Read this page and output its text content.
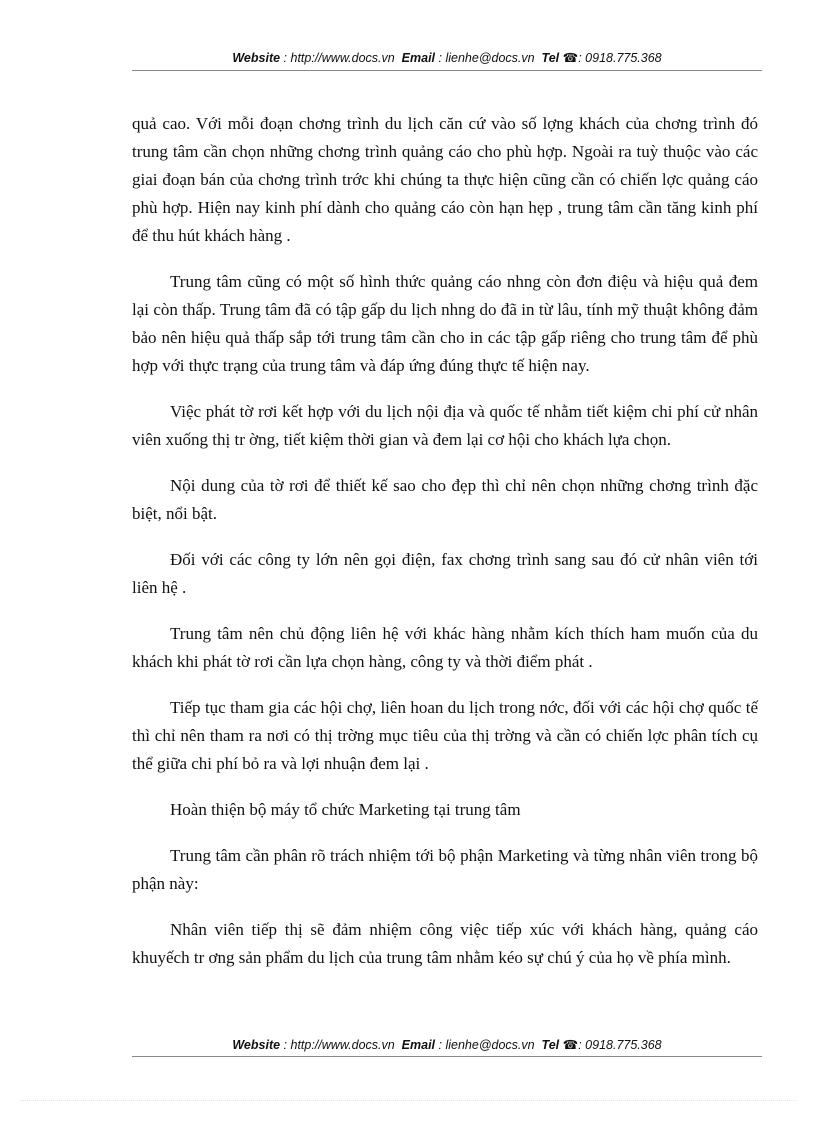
Website : http://www.docs.vn Email : lienhe@docs.vn Tel ☎: 0918.775.368

quả cao. Với mỗi đoạn chơng trình du lịch căn cứ vào số lợng khách của chơng trình đó trung tâm cần chọn những chơng trình quảng cáo cho phù hợp. Ngoài ra tuỳ thuộc vào các giai đoạn bán của chơng trình trớc khi chúng ta thực hiện cũng cần có chiến lợc quảng cáo phù hợp. Hiện nay kinh phí dành cho quảng cáo còn hạn hẹp , trung tâm cần tăng kinh phí để thu hút khách hàng .

Trung tâm cũng có một số hình thức quảng cáo nhng còn đơn điệu và hiệu quả đem lại còn thấp. Trung tâm đã có tập gấp du lịch nhng do đã in từ lâu, tính mỹ thuật không đảm bảo nên hiệu quả thấp sắp tới trung tâm cần cho in các tập gấp riêng cho trung tâm để phù hợp với thực trạng của trung tâm và đáp ứng đúng thực tế hiện nay.

Việc phát tờ rơi kết hợp với du lịch nội địa và quốc tế nhằm tiết kiệm chi phí cử nhân viên xuống thị tr ờng, tiết kiệm thời gian và đem lại cơ hội cho khách lựa chọn.

Nội dung của tờ rơi để thiết kế sao cho đẹp thì chỉ nên chọn những chơng trình đặc biệt, nổi bật.

Đối với các công ty lớn nên gọi điện, fax chơng trình sang sau đó cử nhân viên tới liên hệ .

Trung tâm nên chủ động liên hệ với khác hàng nhằm kích thích ham muốn của du khách khi phát tờ rơi cần lựa chọn hàng, công ty và thời điểm phát .

Tiếp tục tham gia các hội chợ, liên hoan du lịch trong nớc, đối với các hội chợ quốc tế thì chỉ nên tham ra nơi có thị trờng mục tiêu của thị trờng và cần có chiến lợc phân tích cụ thể giữa chi phí bỏ ra và lợi nhuận đem lại .

Hoàn thiện bộ máy tổ chức Marketing tại trung tâm

Trung tâm cần phân rõ trách nhiệm tới bộ phận Marketing và từng nhân viên trong bộ phận này:

Nhân viên tiếp thị sẽ đảm nhiệm công việc tiếp xúc với khách hàng, quảng cáo khuyếch tr ơng sản phẩm du lịch của trung tâm nhằm kéo sự chú ý của họ về phía mình.

Website : http://www.docs.vn Email : lienhe@docs.vn Tel ☎: 0918.775.368
